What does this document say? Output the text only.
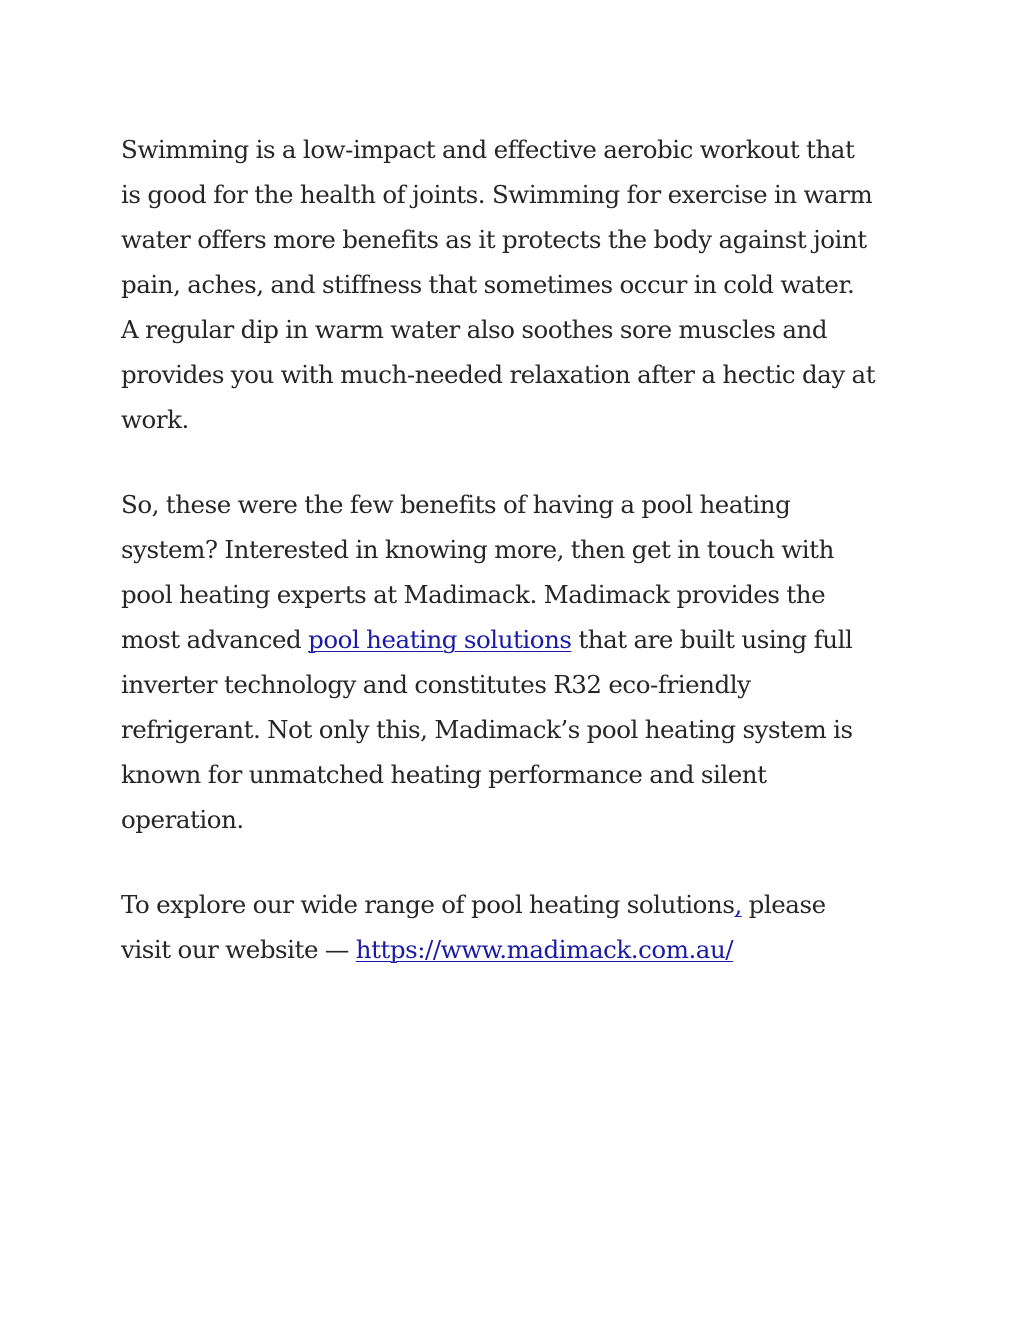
Swimming is a low-impact and effective aerobic workout that
is good for the health of joints. Swimming for exercise in warm
water offers more benefits as it protects the body against joint
pain, aches, and stiffness that sometimes occur in cold water.
A regular dip in warm water also soothes sore muscles and
provides you with much-needed relaxation after a hectic day at
work.

So, these were the few benefits of having a pool heating
system? Interested in knowing more, then get in touch with
pool heating experts at Madimack. Madimack provides the
most advanced pool heating solutions that are built using full
inverter technology and constitutes R32 eco-friendly
refrigerant. Not only this, Madimack’s pool heating system is
known for unmatched heating performance and silent
operation.

To explore our wide range of pool heating solutions, please
visit our website — https://www.madimack.com.au/
